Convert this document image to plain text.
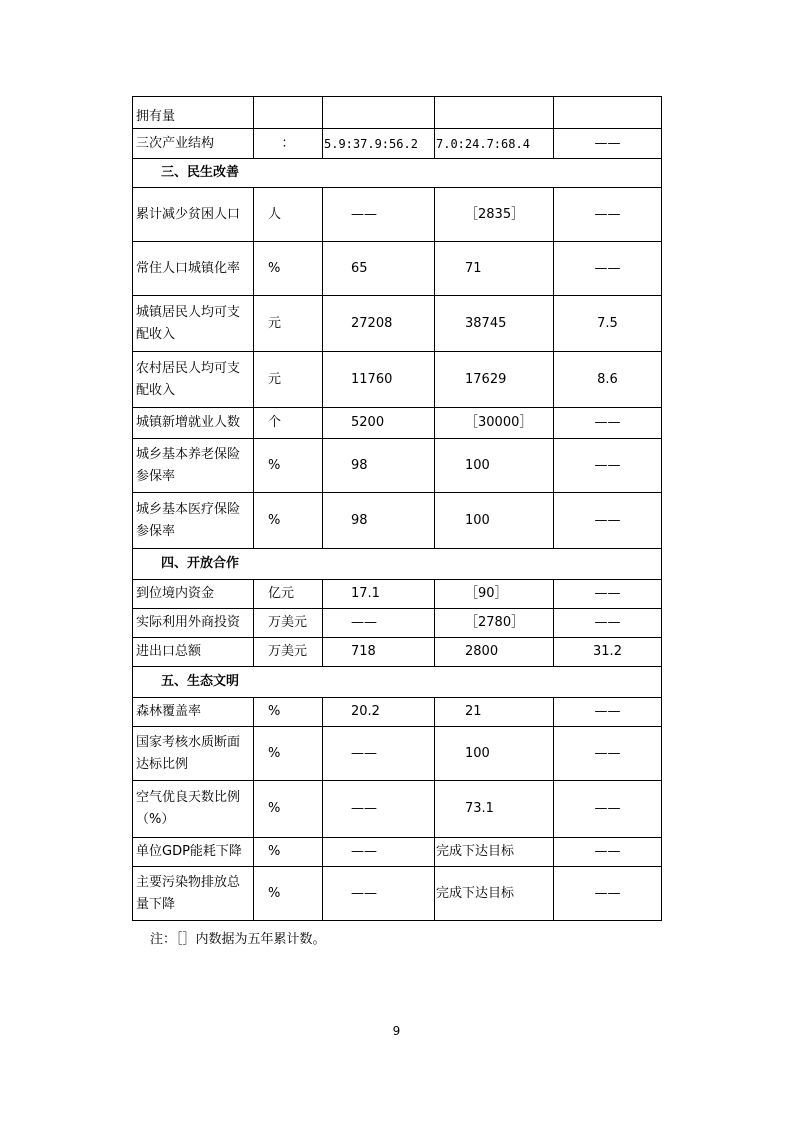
拥有量				
三次产业结构	：	5.9:37.9:56.2	7.0:24.7:68.4	——
三、民生改善				
累计减少贫困人口	人	——	［2835］	——
常住人口城镇化率	%	65	71	——
城镇居民人均可支配收入	元	27208	38745	7.5
农村居民人均可支配收入	元	11760	17629	8.6
城镇新增就业人数	个	5200	［30000］	——
城乡基本养老保险参保率	%	98	100	——
城乡基本医疗保险参保率	%	98	100	——
四、开放合作				
到位境内资金	亿元	17.1	［90］	——
实际利用外商投资	万美元	——	［2780］	——
进出口总额	万美元	718	2800	31.2
五、生态文明				
森林覆盖率	%	20.2	21	——
国家考核水质断面达标比例	%	——	100	——
空气优良天数比例（%）	%	——	73.1	——
单位GDP能耗下降	%	——	完成下达目标	——
主要污染物排放总量下降	%	——	完成下达目标	——
注：［］内数据为五年累计数。
9
